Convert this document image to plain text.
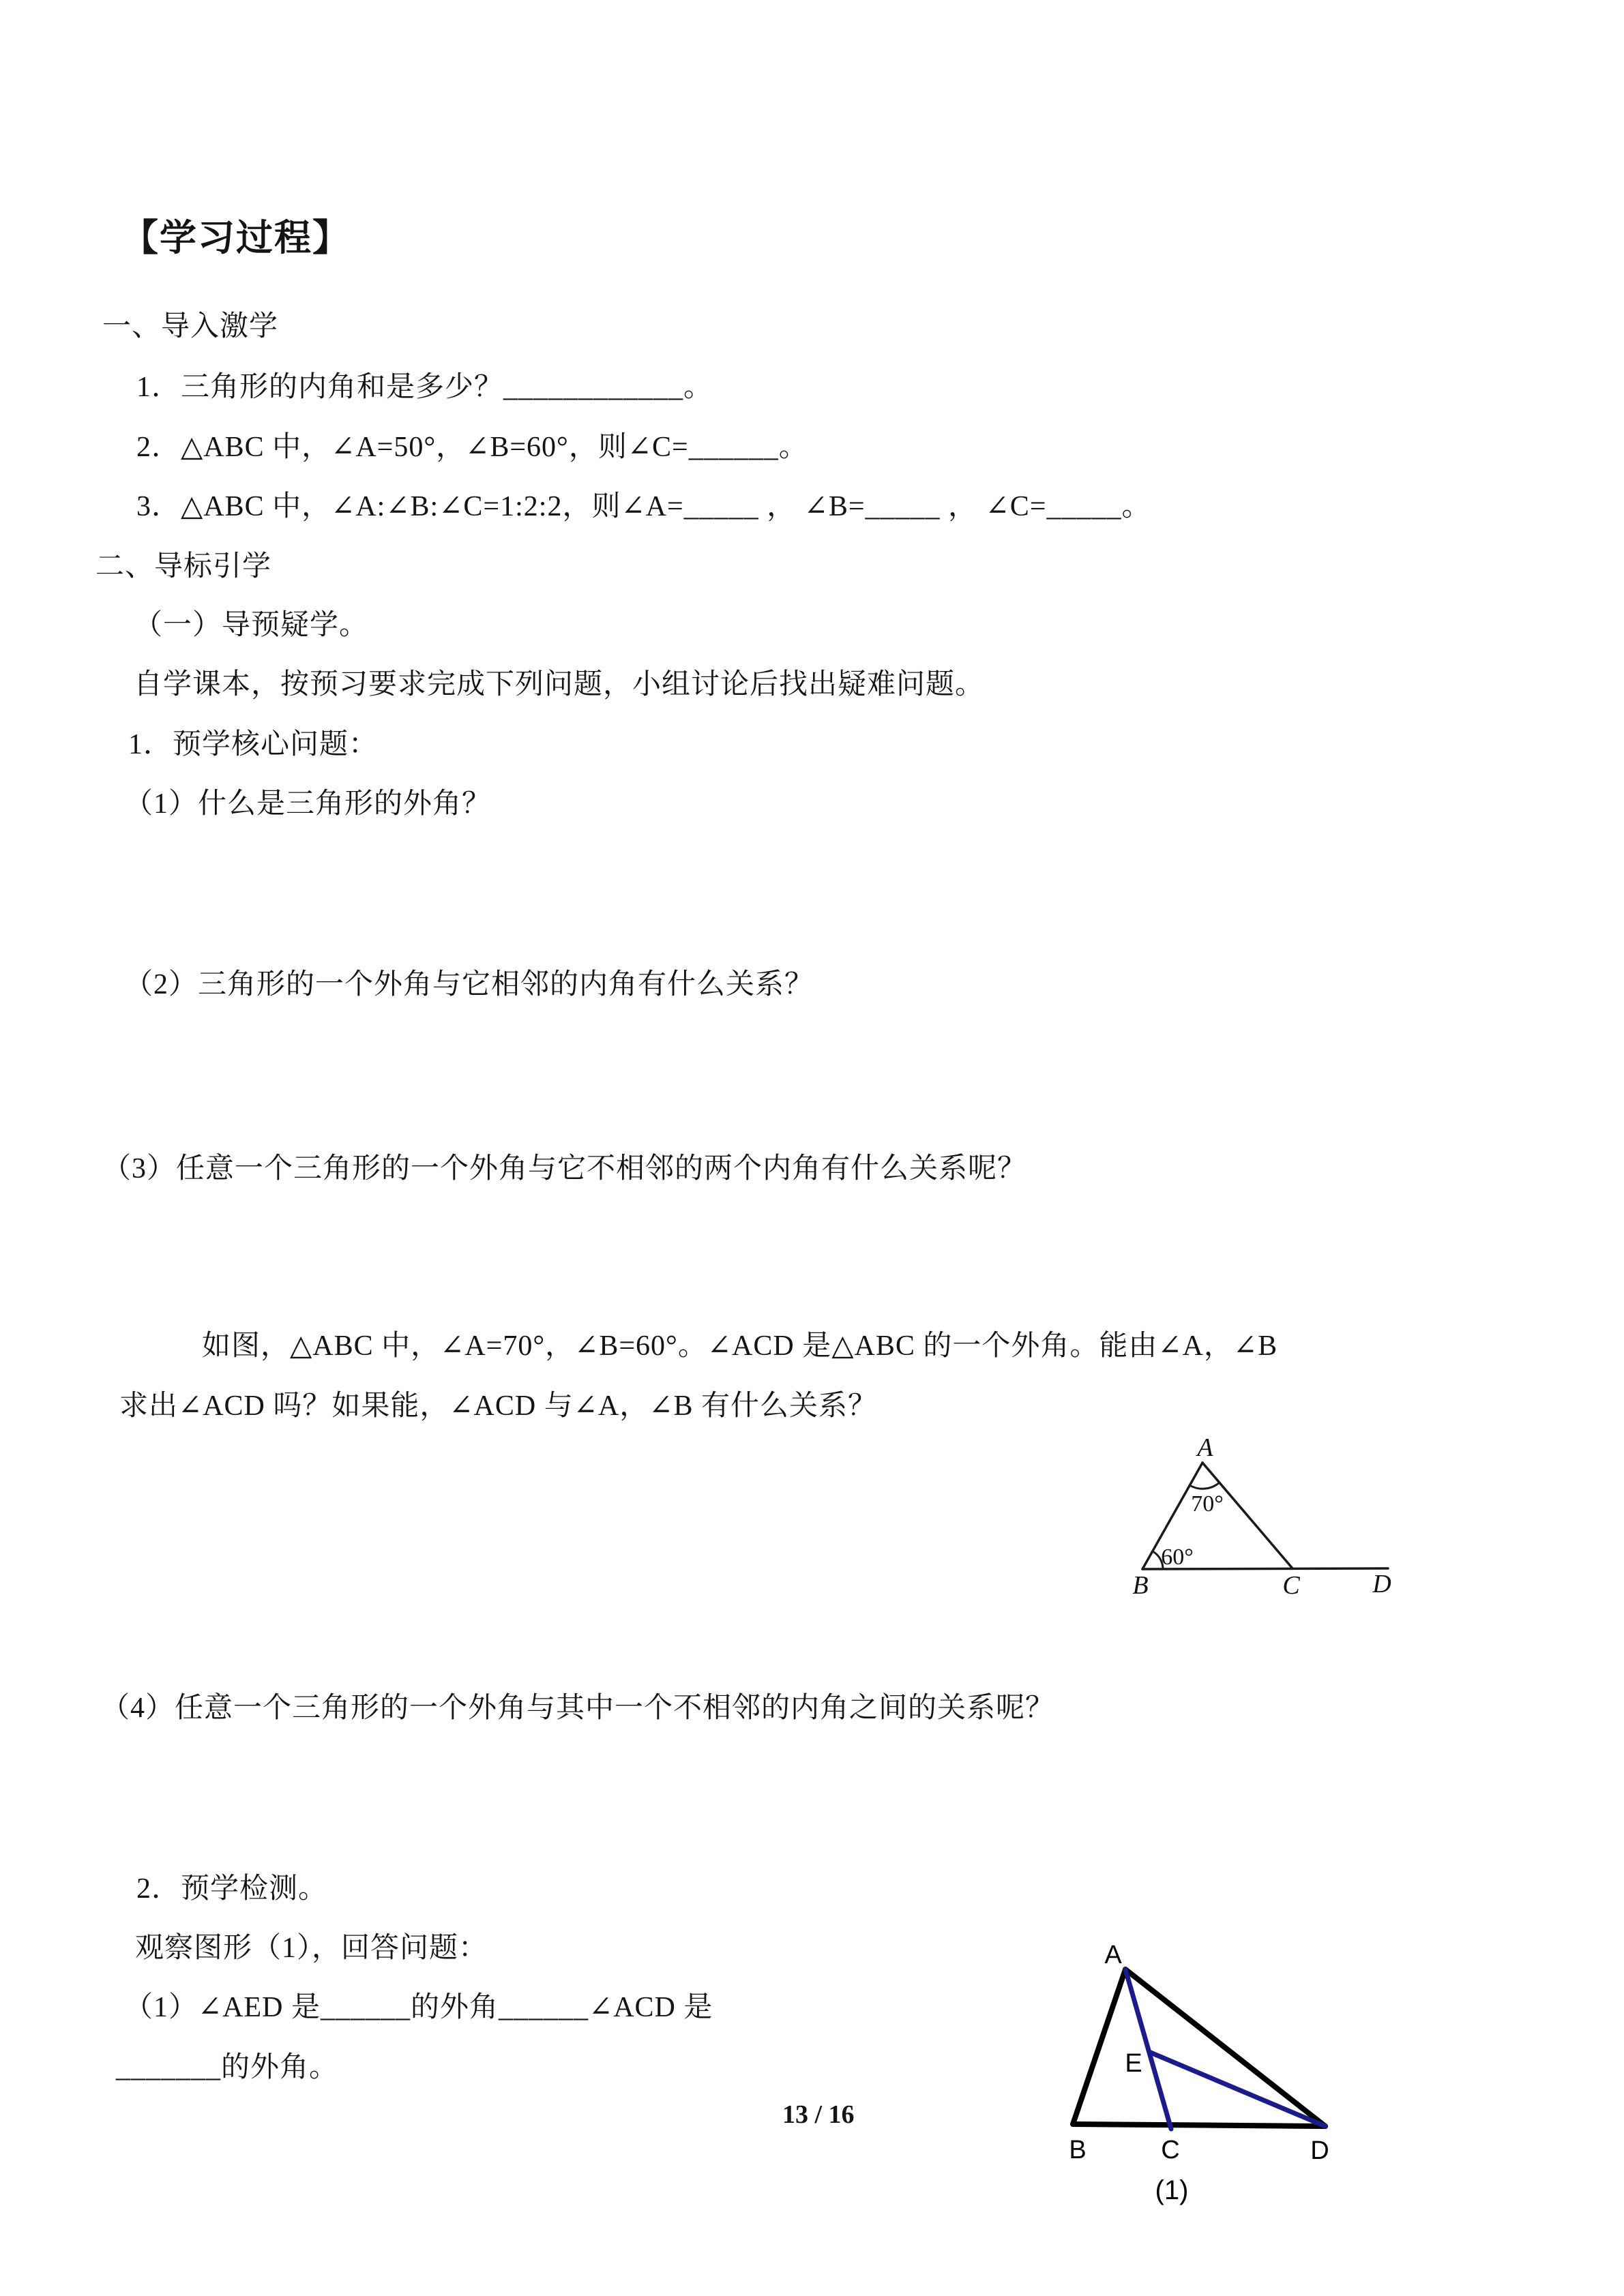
【学习过程】
一、导入激学
1．三角形的内角和是多少？____________。
2．△ABC 中，∠A=50°，∠B=60°，则∠C=______。
3．△ABC 中，∠A:∠B:∠C=1:2:2，则∠A=_____ ， ∠B=_____ ， ∠C=_____。
二、导标引学
（一）导预疑学。
自学课本，按预习要求完成下列问题，小组讨论后找出疑难问题。
1．预学核心问题：
（1）什么是三角形的外角？
（2）三角形的一个外角与它相邻的内角有什么关系？
（3）任意一个三角形的一个外角与它不相邻的两个内角有什么关系呢？
如图，△ABC 中，∠A=70°，∠B=60°。∠ACD 是△ABC 的一个外角。能由∠A，∠B
求出∠ACD 吗？如果能，∠ACD 与∠A，∠B 有什么关系？
A
B	C	D
70°
60°
（4）任意一个三角形的一个外角与其中一个不相邻的内角之间的关系呢？
2．预学检测。
观察图形（1），回答问题：
（1）∠AED 是______的外角______∠ACD 是
_______的外角。
A
B	C	D
E
(1)
13 / 16
